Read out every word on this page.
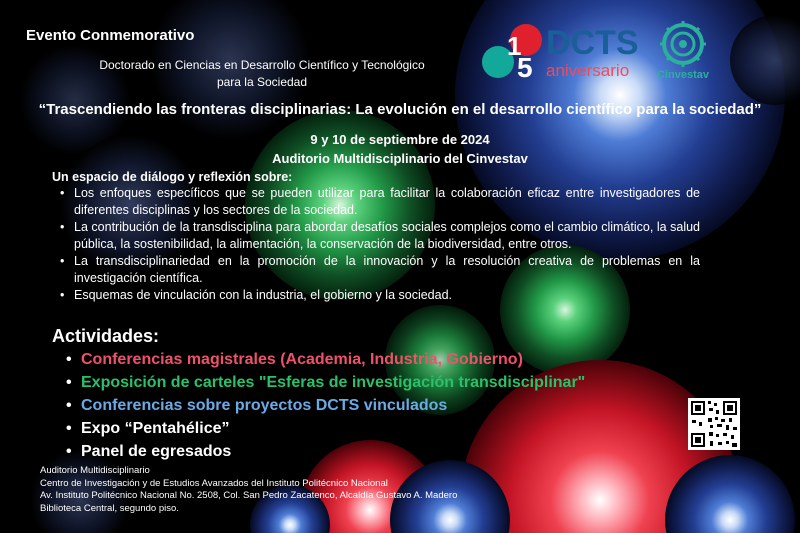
Evento Conmemorativo
Doctorado en Ciencias en Desarrollo Científico y Tecnológico
para la Sociedad
1
5
DCTS
aniversario	Cinvestav
“Trascendiendo las fronteras disciplinarias: La evolución en el desarrollo científico para la sociedad”
9 y 10 de septiembre de 2024
Auditorio Multidisciplinario del Cinvestav
Un espacio de diálogo y reflexión sobre:
• Los enfoques específicos que se pueden utilizar para facilitar la colaboración eficaz entre investigadores de diferentes disciplinas y los sectores de la sociedad.
• La contribución de la transdisciplina para abordar desafíos sociales complejos como el cambio climático, la salud pública, la sostenibilidad, la alimentación, la conservación de la biodiversidad, entre otros.
• La transdisciplinariedad en la promoción de la innovación y la resolución creativa de problemas en la investigación científica.
• Esquemas de vinculación con la industria, el gobierno y la sociedad.
Actividades:
• Conferencias magistrales (Academia, Industria, Gobierno)
• Exposición de carteles "Esferas de investigación transdisciplinar"
• Conferencias sobre proyectos DCTS vinculados
• Expo “Pentahélice”
• Panel de egresados
Auditorio Multidisciplinario
Centro de Investigación y de Estudios Avanzados del Instituto Politécnico Nacional
Av. Instituto Politécnico Nacional No. 2508, Col. San Pedro Zacatenco, Alcaldía Gustavo A. Madero
Biblioteca Central, segundo piso.
